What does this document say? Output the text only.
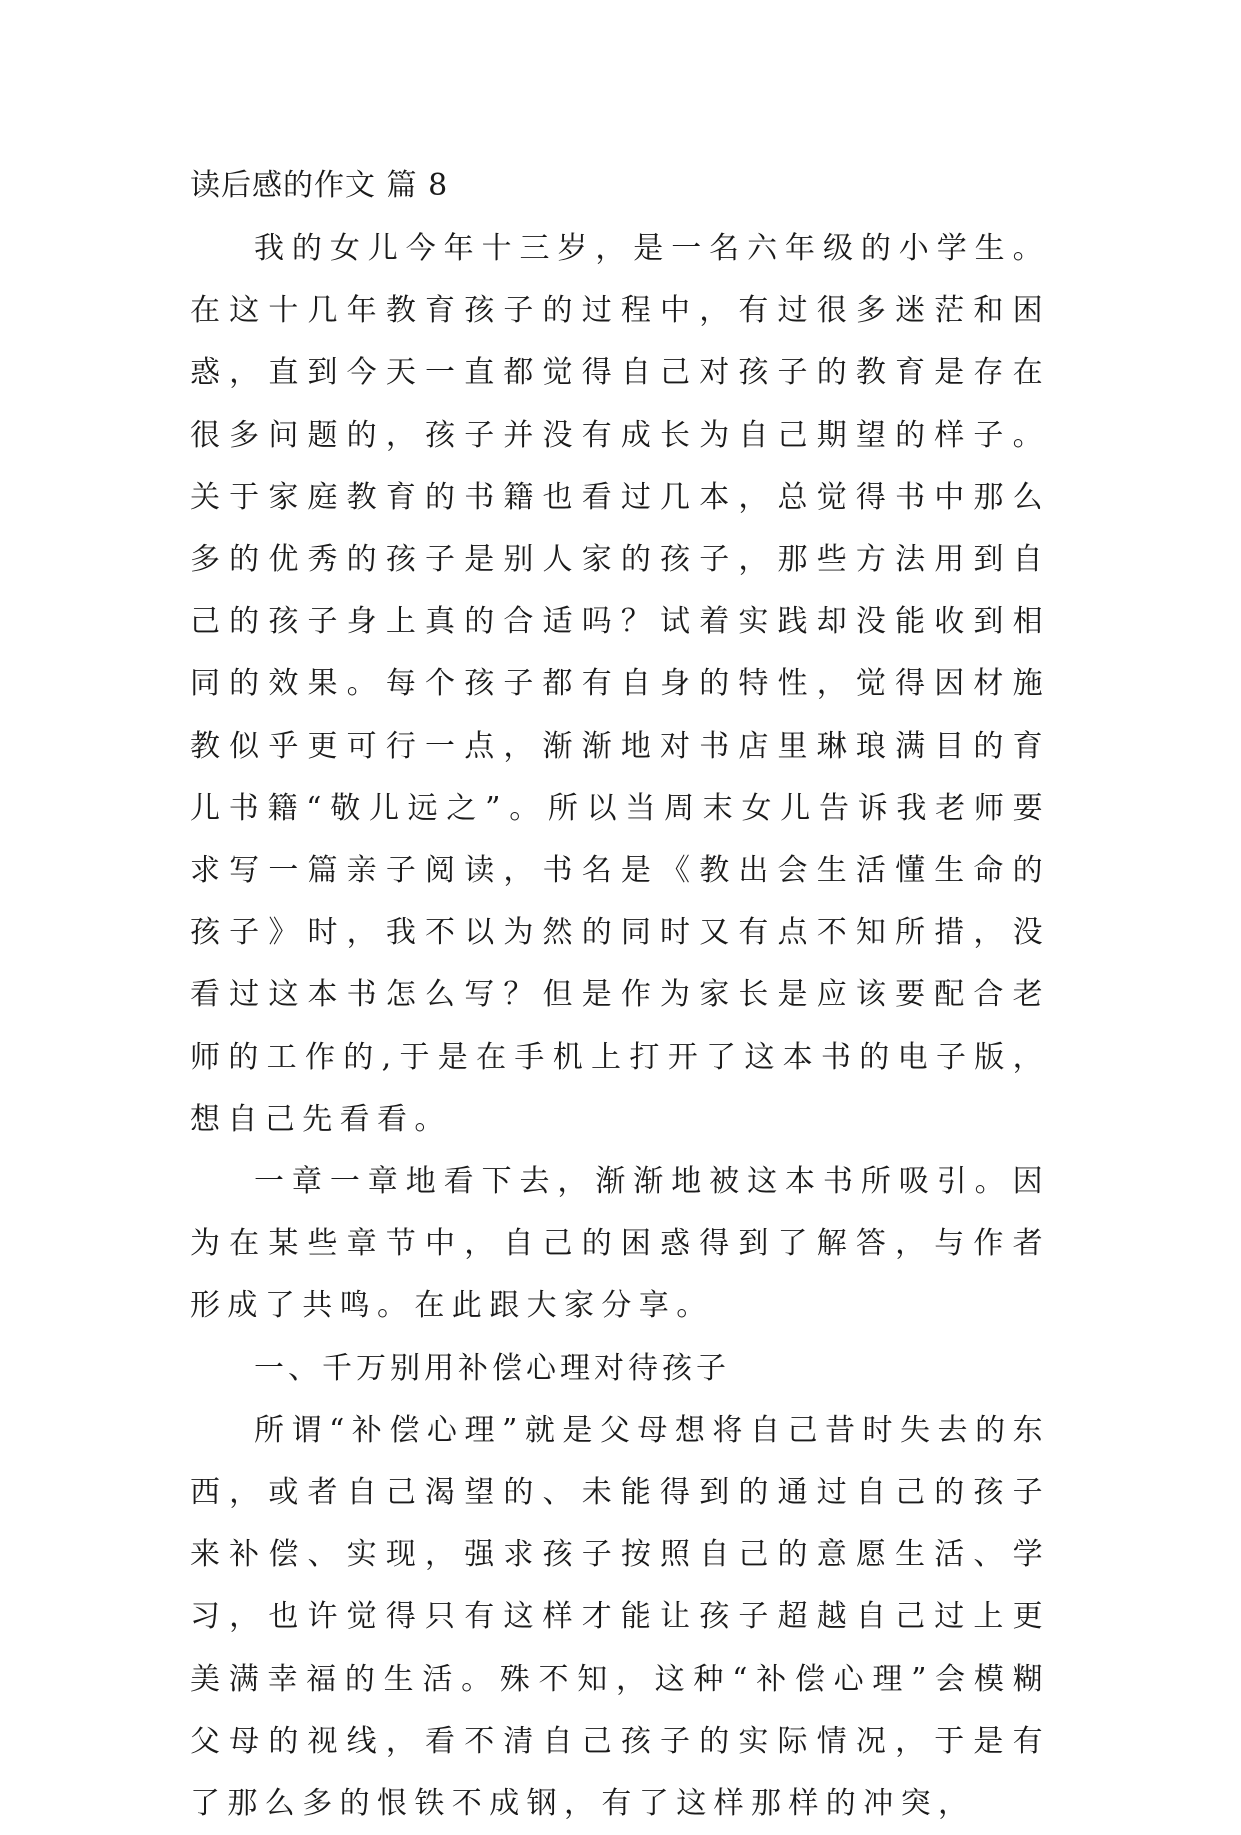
读后感的作文 篇 8

我的女儿今年十三岁，是一名六年级的小学生。在这十几年教育孩子的过程中，有过很多迷茫和困惑，直到今天一直都觉得自己对孩子的教育是存在很多问题的，孩子并没有成长为自己期望的样子。关于家庭教育的书籍也看过几本，总觉得书中那么多的优秀的孩子是别人家的孩子，那些方法用到自己的孩子身上真的合适吗？试着实践却没能收到相同的效果。每个孩子都有自身的特性，觉得因材施教似乎更可行一点，渐渐地对书店里琳琅满目的育儿书籍“敬儿远之”。所以当周末女儿告诉我老师要求写一篇亲子阅读，书名是《教出会生活懂生命的孩子》时，我不以为然的同时又有点不知所措，没看过这本书怎么写？但是作为家长是应该要配合老师的工作的,于是在手机上打开了这本书的电子版，想自己先看看。

一章一章地看下去，渐渐地被这本书所吸引。因为在某些章节中，自己的困惑得到了解答，与作者形成了共鸣。在此跟大家分享。

一、千万别用补偿心理对待孩子

所谓“补偿心理”就是父母想将自己昔时失去的东西，或者自己渴望的、未能得到的通过自己的孩子来补偿、实现，强求孩子按照自己的意愿生活、学习，也许觉得只有这样才能让孩子超越自己过上更美满幸福的生活。殊不知，这种“补偿心理”会模糊父母的视线，看不清自己孩子的实际情况，于是有了那么多的恨铁不成钢，有了这样那样的冲突，
